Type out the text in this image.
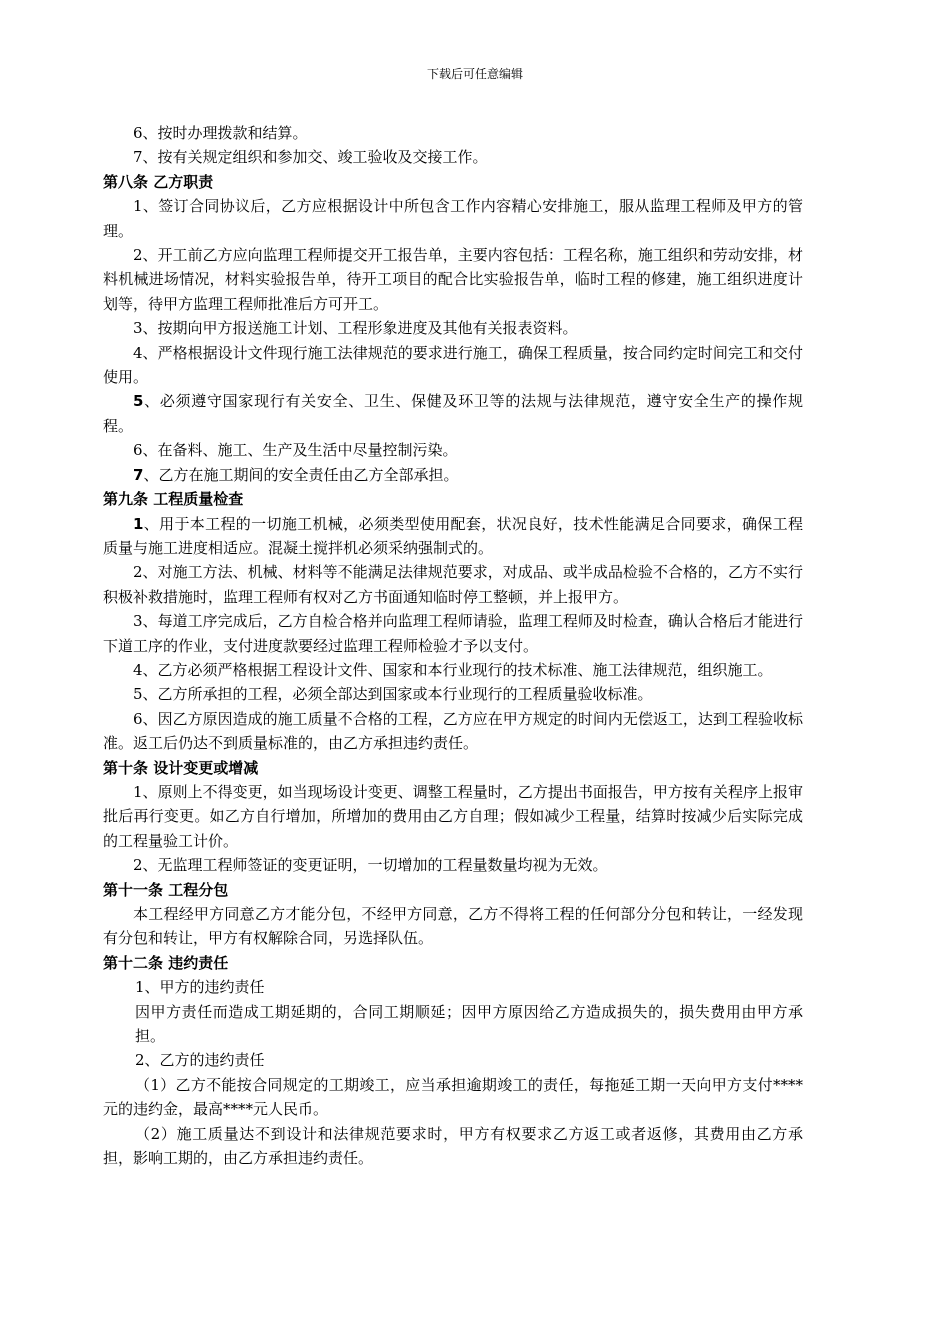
下载后可任意编辑

6、按时办理拨款和结算。

7、按有关规定组织和参加交、竣工验收及交接工作。

第八条 乙方职责

1、签订合同协议后，乙方应根据设计中所包含工作内容精心安排施工，服从监理工程师及甲方的管理。

2、开工前乙方应向监理工程师提交开工报告单，主要内容包括：工程名称，施工组织和劳动安排，材料机械进场情况，材料实验报告单，待开工项目的配合比实验报告单，临时工程的修建，施工组织进度计划等，待甲方监理工程师批准后方可开工。

3、按期向甲方报送施工计划、工程形象进度及其他有关报表资料。

4、严格根据设计文件现行施工法律规范的要求进行施工，确保工程质量，按合同约定时间完工和交付使用。

5、必须遵守国家现行有关安全、卫生、保健及环卫等的法规与法律规范，遵守安全生产的操作规程。

6、在备料、施工、生产及生活中尽量控制污染。

7、乙方在施工期间的安全责任由乙方全部承担。

第九条 工程质量检查

1、用于本工程的一切施工机械，必须类型使用配套，状况良好，技术性能满足合同要求，确保工程质量与施工进度相适应。混凝土搅拌机必须采纳强制式的。

2、对施工方法、机械、材料等不能满足法律规范要求，对成品、或半成品检验不合格的，乙方不实行积极补救措施时，监理工程师有权对乙方书面通知临时停工整顿，并上报甲方。

3、每道工序完成后，乙方自检合格并向监理工程师请验，监理工程师及时检查，确认合格后才能进行下道工序的作业，支付进度款要经过监理工程师检验才予以支付。

4、乙方必须严格根据工程设计文件、国家和本行业现行的技术标准、施工法律规范，组织施工。

5、乙方所承担的工程，必须全部达到国家或本行业现行的工程质量验收标准。

6、因乙方原因造成的施工质量不合格的工程，乙方应在甲方规定的时间内无偿返工，达到工程验收标准。返工后仍达不到质量标准的，由乙方承担违约责任。

第十条 设计变更或增减

1、原则上不得变更，如当现场设计变更、调整工程量时，乙方提出书面报告，甲方按有关程序上报审批后再行变更。如乙方自行增加，所增加的费用由乙方自理；假如减少工程量，结算时按减少后实际完成的工程量验工计价。

2、无监理工程师签证的变更证明，一切增加的工程量数量均视为无效。

第十一条 工程分包

本工程经甲方同意乙方才能分包，不经甲方同意，乙方不得将工程的任何部分分包和转让，一经发现有分包和转让，甲方有权解除合同，另选择队伍。

第十二条 违约责任

1、甲方的违约责任

因甲方责任而造成工期延期的，合同工期顺延；因甲方原因给乙方造成损失的，损失费用由甲方承担。

2、乙方的违约责任

（1）乙方不能按合同规定的工期竣工，应当承担逾期竣工的责任，每拖延工期一天向甲方支付****元的违约金，最高****元人民币。

（2）施工质量达不到设计和法律规范要求时，甲方有权要求乙方返工或者返修，其费用由乙方承担，影响工期的，由乙方承担违约责任。
